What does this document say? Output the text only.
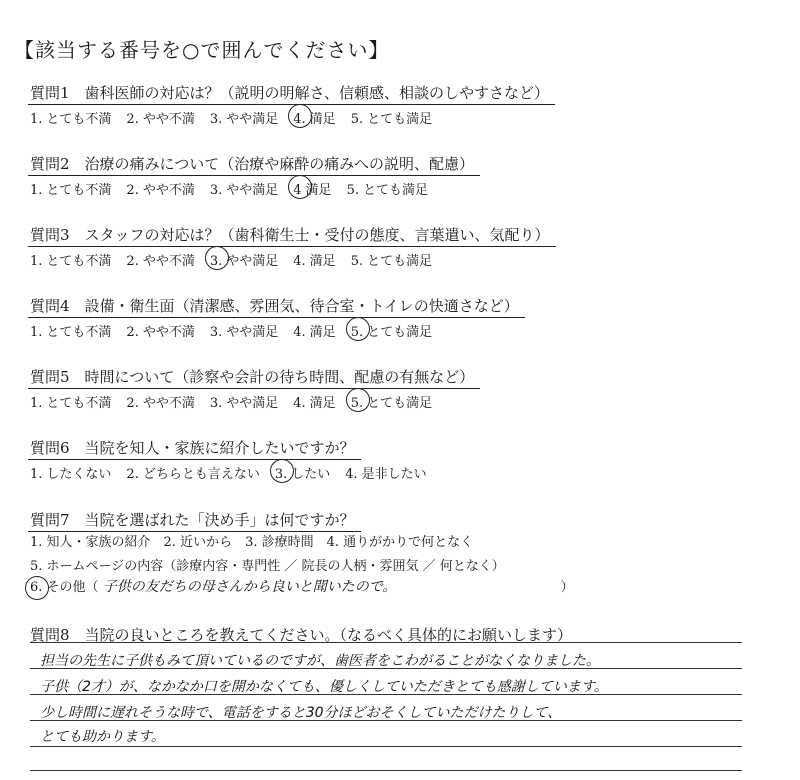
【該当する番号を○で囲んでください】
質問1　歯科医師の対応は？（説明の明解さ、信頼感、相談のしやすさなど）
1. とても不満 2. やや不満 3. やや満足 4. 満足 5. とても満足
質問2　治療の痛みについて（治療や麻酔の痛みへの説明、配慮）
1. とても不満 2. やや不満 3. やや満足 4 満足 5. とても満足
質問3　スタッフの対応は？（歯科衛生士・受付の態度、言葉遣い、気配り）
1. とても不満 2. やや不満 3. やや満足 4. 満足 5. とても満足
質問4　設備・衛生面（清潔感、雰囲気、待合室・トイレの快適さなど）
1. とても不満 2. やや不満 3. やや満足 4. 満足 5. とても満足
質問5　時間について（診察や会計の待ち時間、配慮の有無など）
1. とても不満 2. やや不満 3. やや満足 4. 満足 5. とても満足
質問6　当院を知人・家族に紹介したいですか？
1. したくない 2. どちらとも言えない 3. したい 4. 是非したい
質問7　当院を選ばれた「決め手」は何ですか？
1. 知人・家族の紹介　2. 近いから　3. 診療時間　4. 通りがかりで何となく
5. ホームページの内容（診療内容・専門性 ／ 院長の人柄・雰囲気 ／ 何となく）
6. その他（ 子供の友だちの母さんから良いと聞いたので。	）
質問8　当院の良いところを教えてください。（なるべく具体的にお願いします）
担当の先生に子供もみて頂いているのですが、歯医者をこわがることがなくなりました。
子供（2才）が、なかなか口を開かなくても、優しくしていただきとても感謝しています。
少し時間に遅れそうな時で、電話をすると30分ほどおそくしていただけたりして、
とても助かります。
